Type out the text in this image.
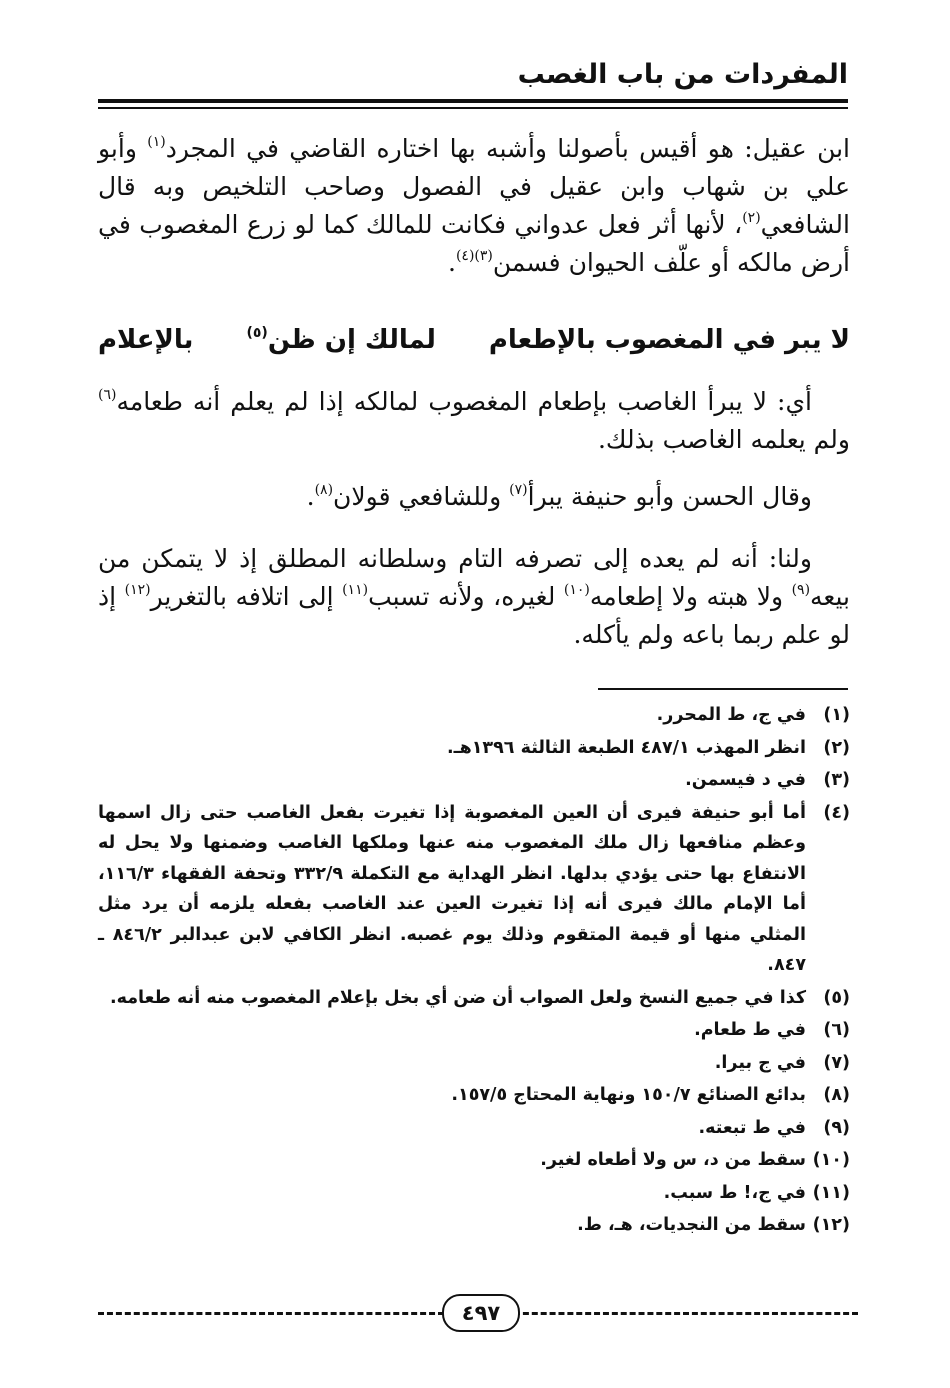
المفردات من باب الغصب

ابن عقيل: هو أقيس بأصولنا وأشبه بها اختاره القاضي في المجرد$^{(١)}$ وأبو علي بن شهاب وابن عقيل في الفصول وصاحب التلخيص وبه قال الشافعي$^{(٢)}$، لأنها أثر فعل عدواني فكانت للمالك كما لو زرع المغصوب في أرض مالكه أو علّف الحيوان فسمن$^{(٣)(٤)}$.

لا يبر في المغصوب بالإطعام
لمالك إن ظن$^{(٥)}$
بالإعلام

أي: لا يبرأ الغاصب بإطعام المغصوب لمالكه إذا لم يعلم أنه طعامه$^{(٦)}$ ولم يعلمه الغاصب بذلك.

وقال الحسن وأبو حنيفة يبرأ$^{(٧)}$ وللشافعي قولان$^{(٨)}$.

ولنا: أنه لم يعده إلى تصرفه التام وسلطانه المطلق إذ لا يتمكن من بيعه$^{(٩)}$ ولا هبته ولا إطعامه$^{(١٠)}$ لغيره، ولأنه تسبب$^{(١١)}$ إلى اتلافه بالتغرير$^{(١٢)}$ إذ لو علم ربما باعه ولم يأكله.

(١)
في ج، ط المحرر.
(٢)
انظر المهذب ٤٨٧/١ الطبعة الثالثة ١٣٩٦هـ.
(٣)
في د فيسمن.
(٤)
أما أبو حنيفة فيرى أن العين المغصوبة إذا تغيرت بفعل الغاصب حتى زال اسمها وعظم منافعها زال ملك المغصوب منه عنها وملكها الغاصب وضمنها ولا يحل له الانتفاع بها حتى يؤدي بدلها. انظر الهداية مع التكملة ٣٣٢/٩ وتحفة الفقهاء ١١٦/٣، أما الإمام مالك فيرى أنه إذا تغيرت العين عند الغاصب بفعله يلزمه أن يرد مثل المثلي منها أو قيمة المتقوم وذلك يوم غصبه. انظر الكافي لابن عبدالبر ٨٤٦/٢ ـ ٨٤٧.
(٥)
كذا في جميع النسخ ولعل الصواب أن ضن أي بخل بإعلام المغصوب منه أنه طعامه.
(٦)
في ط طعام.
(٧)
في ج بيرا.
(٨)
بدائع الصنائع ١٥٠/٧ ونهاية المحتاج ١٥٧/٥.
(٩)
في ط تبعته.
(١٠)
سقط من د، س ولا أطعاه لغير.
(١١)
في ج،! ط سبب.
(١٢)
سقط من النجديات، هـ، ط.
٤٩٧
